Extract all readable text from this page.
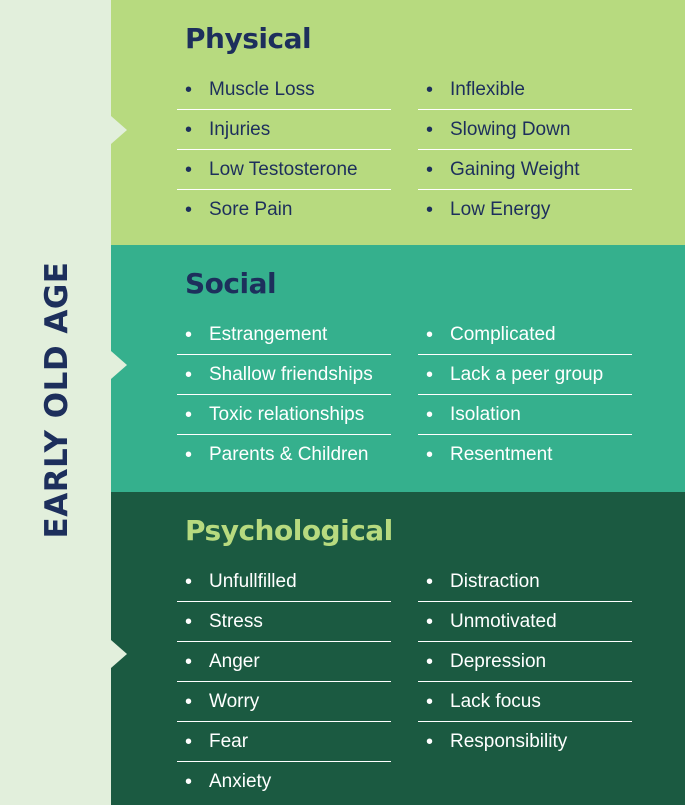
EARLY OLD AGE
Physical
• Muscle Loss
• Injuries
• Low Testosterone
• Sore Pain
• Inflexible
• Slowing Down
• Gaining Weight
• Low Energy
Social
• Estrangement
• Shallow friendships
• Toxic relationships
• Parents & Children
• Complicated
• Lack a peer group
• Isolation
• Resentment
Psychological
• Unfullfilled
• Stress
• Anger
• Worry
• Fear
• Anxiety
• Distraction
• Unmotivated
• Depression
• Lack focus
• Responsibility
